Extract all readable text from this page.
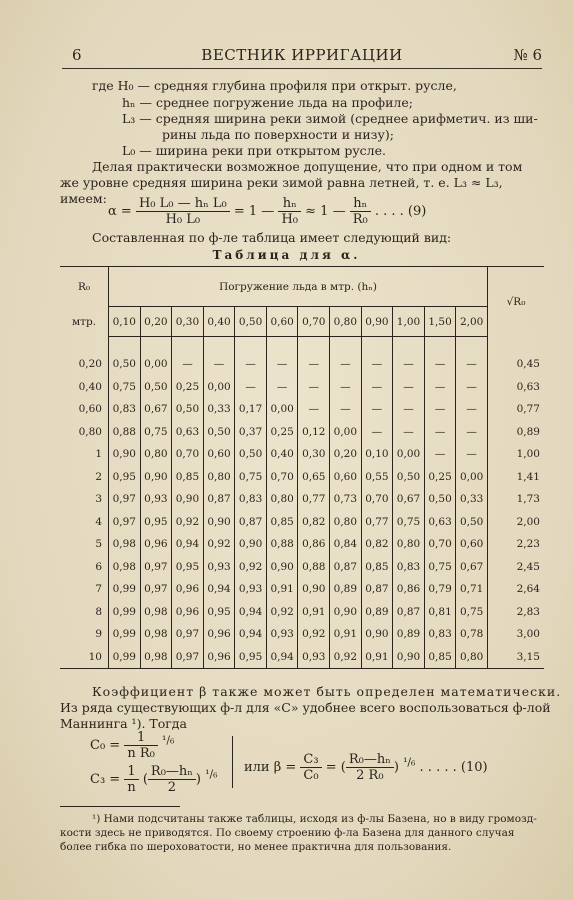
6	ВЕСТНИК ИРРИГАЦИИ	№ 6
где H₀ — средняя глубина профиля при открыт. русле,
hₙ — среднее погружение льда на профиле;
L₃ — средняя ширина реки зимой (среднее арифметич. из ши-
рины льда по поверхности и низу);
L₀ — ширина реки при открытом русле.
Делая практически возможное допущение, что при одном и том
же уровне средняя ширина реки зимой равна летней, т. е. L₃ ≈ L₃,
имеем:
$\alpha = \frac{\text{H₀ L₀ — hₙ L₀}}{\text{H₀ L₀}} = 1$ — $\frac{\text{hₙ}}{\text{H₀}} \approx 1$ — $\frac{\text{hₙ}}{\text{R₀}}$ . . . . (9)
Составленная по ф-ле таблица имеет следующий вид:
Таблица для α.
R₀	Погружение льда в мтр. (hₙ)												√R₀
мтр.	0,10	0,20	0,30	0,40	0,50	0,60	0,70	0,80	0,90	1,00	1,50	2,00	

0,20	0,50	0,00	—	—	—	—	—	—	—	—	—	—	0,45
0,40	0,75	0,50	0,25	0,00	—	—	—	—	—	—	—	—	0,63
0,60	0,83	0,67	0,50	0,33	0,17	0,00	—	—	—	—	—	—	0,77
0,80	0,88	0,75	0,63	0,50	0,37	0,25	0,12	0,00	—	—	—	—	0,89
1	0,90	0,80	0,70	0,60	0,50	0,40	0,30	0,20	0,10	0,00	—	—	1,00
2	0,95	0,90	0,85	0,80	0,75	0,70	0,65	0,60	0,55	0,50	0,25	0,00	1,41
3	0,97	0,93	0,90	0,87	0,83	0,80	0,77	0,73	0,70	0,67	0,50	0,33	1,73
4	0,97	0,95	0,92	0,90	0,87	0,85	0,82	0,80	0,77	0,75	0,63	0,50	2,00
5	0,98	0,96	0,94	0,92	0,90	0,88	0,86	0,84	0,82	0,80	0,70	0,60	2,23
6	0,98	0,97	0,95	0,93	0,92	0,90	0,88	0,87	0,85	0,83	0,75	0,67	2,45
7	0,99	0,97	0,96	0,94	0,93	0,91	0,90	0,89	0,87	0,86	0,79	0,71	2,64
8	0,99	0,98	0,96	0,95	0,94	0,92	0,91	0,90	0,89	0,87	0,81	0,75	2,83
9	0,99	0,98	0,97	0,96	0,94	0,93	0,92	0,91	0,90	0,89	0,83	0,78	3,00
10	0,99	0,98	0,97	0,96	0,95	0,94	0,93	0,92	0,91	0,90	0,85	0,80	3,15
Коэффициент β также может быть определен математически.
Из ряда существующих ф-л для «C» удобнее всего воспользоваться ф-лой
Маннинга ¹). Тогда
$C_0 = \frac{1}{\text{n R₀}} ^{^1/_6}$
$C_3 = \frac{1}{n}$ ( $\frac{\text{R₀—hₙ}}{2}$ ) $^{^1/_6}$ или $\beta = \frac{\text{C₃}}{\text{C₀}}$ = ( $\frac{\text{R₀—hₙ}}{\text{2 R₀}}$ ) $^{^1/_6}$ . . . . . (10)
¹) Нами подсчитаны также таблицы, исходя из ф-лы Базена, но в виду громозд-
кости здесь не приводятся. По своему строению ф-ла Базена для данного случая
более гибка по шероховатости, но менее практична для пользования.
